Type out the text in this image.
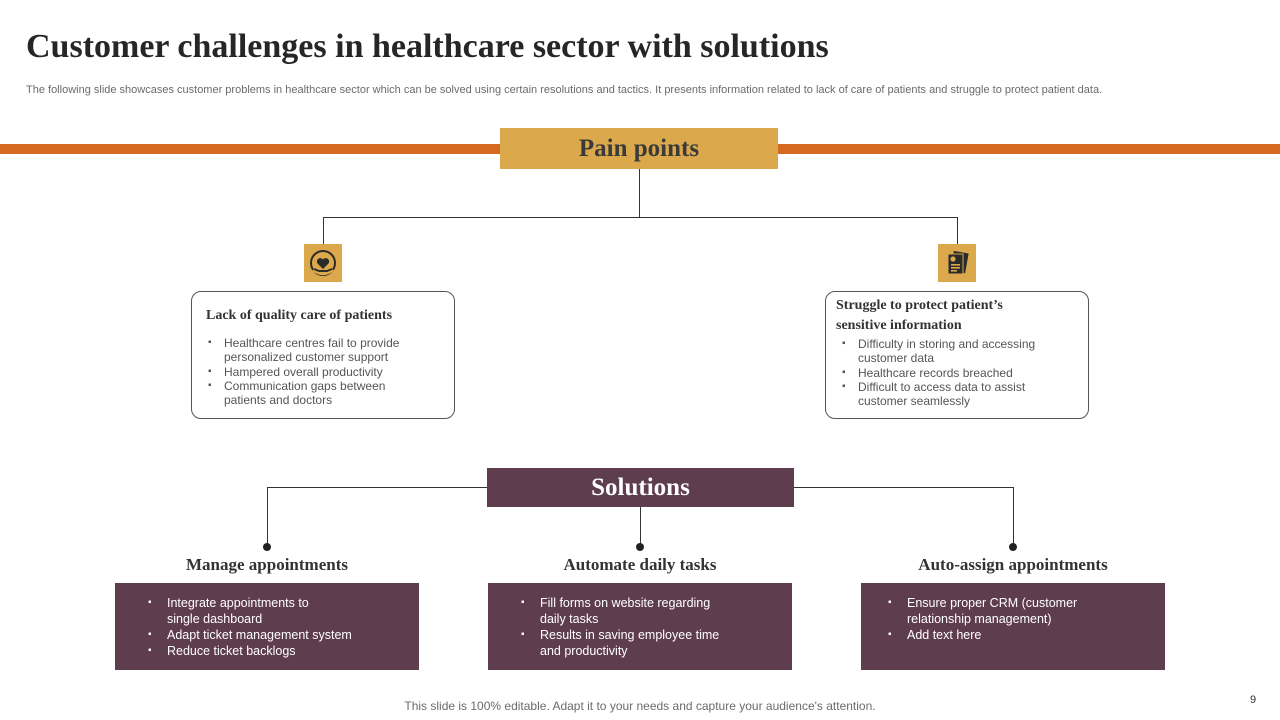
Customer challenges in healthcare sector with solutions
The following slide showcases customer problems in healthcare sector which can be solved using certain resolutions and tactics. It presents information related to lack of care of patients and struggle to protect patient data.
Pain points
Lack of quality care of patients
▪ Healthcare centres fail to provide personalized customer support
▪ Hampered overall productivity
▪ Communication gaps between patients and doctors
Struggle to protect patient’s sensitive information
▪ Difficulty in storing and accessing customer data
▪ Healthcare records breached
▪ Difficult to access data to assist customer seamlessly
Solutions
Manage appointments
▪ Integrate appointments to single dashboard
▪ Adapt ticket management system
▪ Reduce ticket backlogs
Automate daily tasks
▪ Fill forms on website regarding daily tasks
▪ Results in saving employee time and productivity
Auto-assign appointments
▪ Ensure proper CRM (customer relationship management)
▪ Add text here
This slide is 100% editable. Adapt it to your needs and capture your audience's attention.	9
